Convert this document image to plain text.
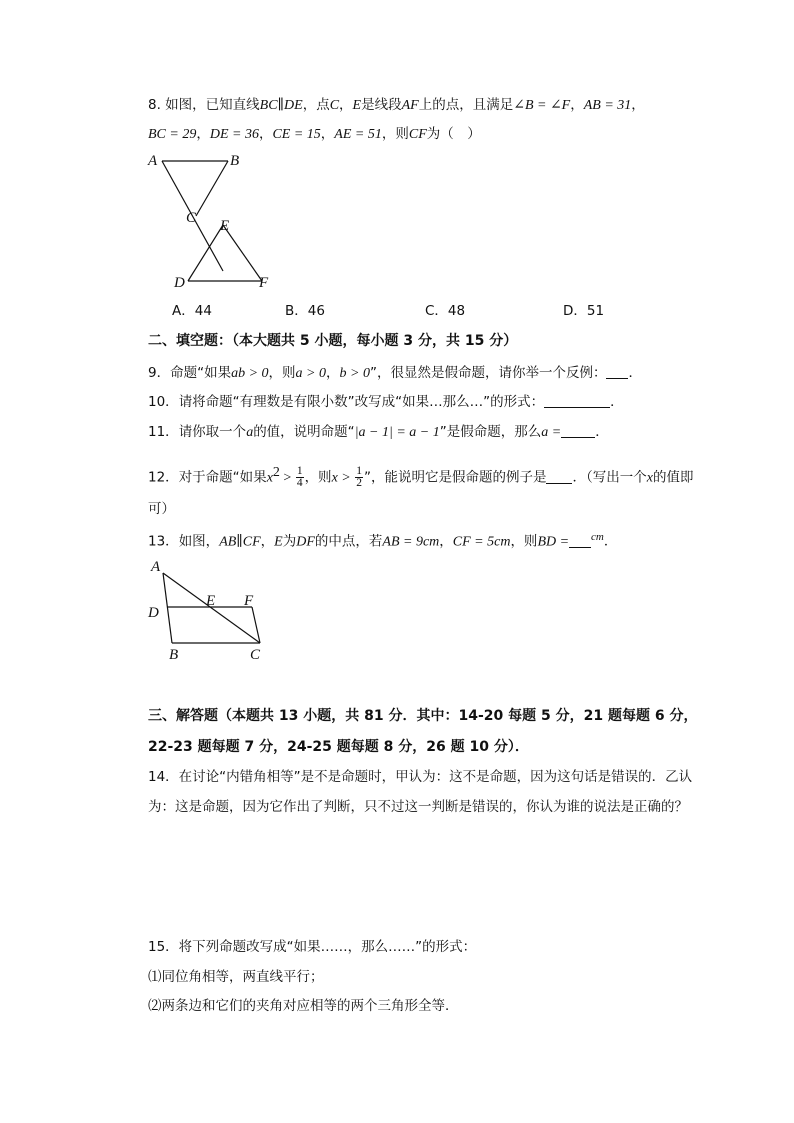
8. 如图，已知直线BC∥DE，点C，E是线段AF上的点，且满足∠B = ∠F，AB = 31，
BC = 29，DE = 36，CE = 15，AE = 51，则CF为（　）
A	B
C E
D	F
A．44	B．46	C．48	D．51
二、填空题：（本大题共 5 小题，每小题 3 分，共 15 分）
9．命题“如果ab > 0，则a > 0，b > 0”，很显然是假命题，请你举一个反例： ．
10．请将命题“有理数是有限小数”改写成“如果…那么…”的形式：	．
11．请你取一个a的值，说明命题“|a − 1| = a − 1”是假命题，那么a =	．
12．对于命题“如果$x^2 > \frac{1}{4}$ ，则$x > \frac{1}{2}$ ”，能说明它是假命题的例子是 ．（写出一个x的值即
可）
13．如图，AB∥CF，E为DF的中点，若AB = 9cm，CF = 5cm，则BD = $^{cm}$．
A
D
E F
B	C
三、解答题（本题共 13 小题，共 81 分．其中：14-20 每题 5 分，21 题每题 6 分，
22-23 题每题 7 分，24-25 题每题 8 分，26 题 10 分）．
14．在讨论“内错角相等”是不是命题时，甲认为：这不是命题，因为这句话是错误的．乙认
为：这是命题，因为它作出了判断，只不过这一判断是错误的，你认为谁的说法是正确的？
15．将下列命题改写成“如果……，那么……”的形式：
⑴同位角相等，两直线平行；
⑵两条边和它们的夹角对应相等的两个三角形全等．
